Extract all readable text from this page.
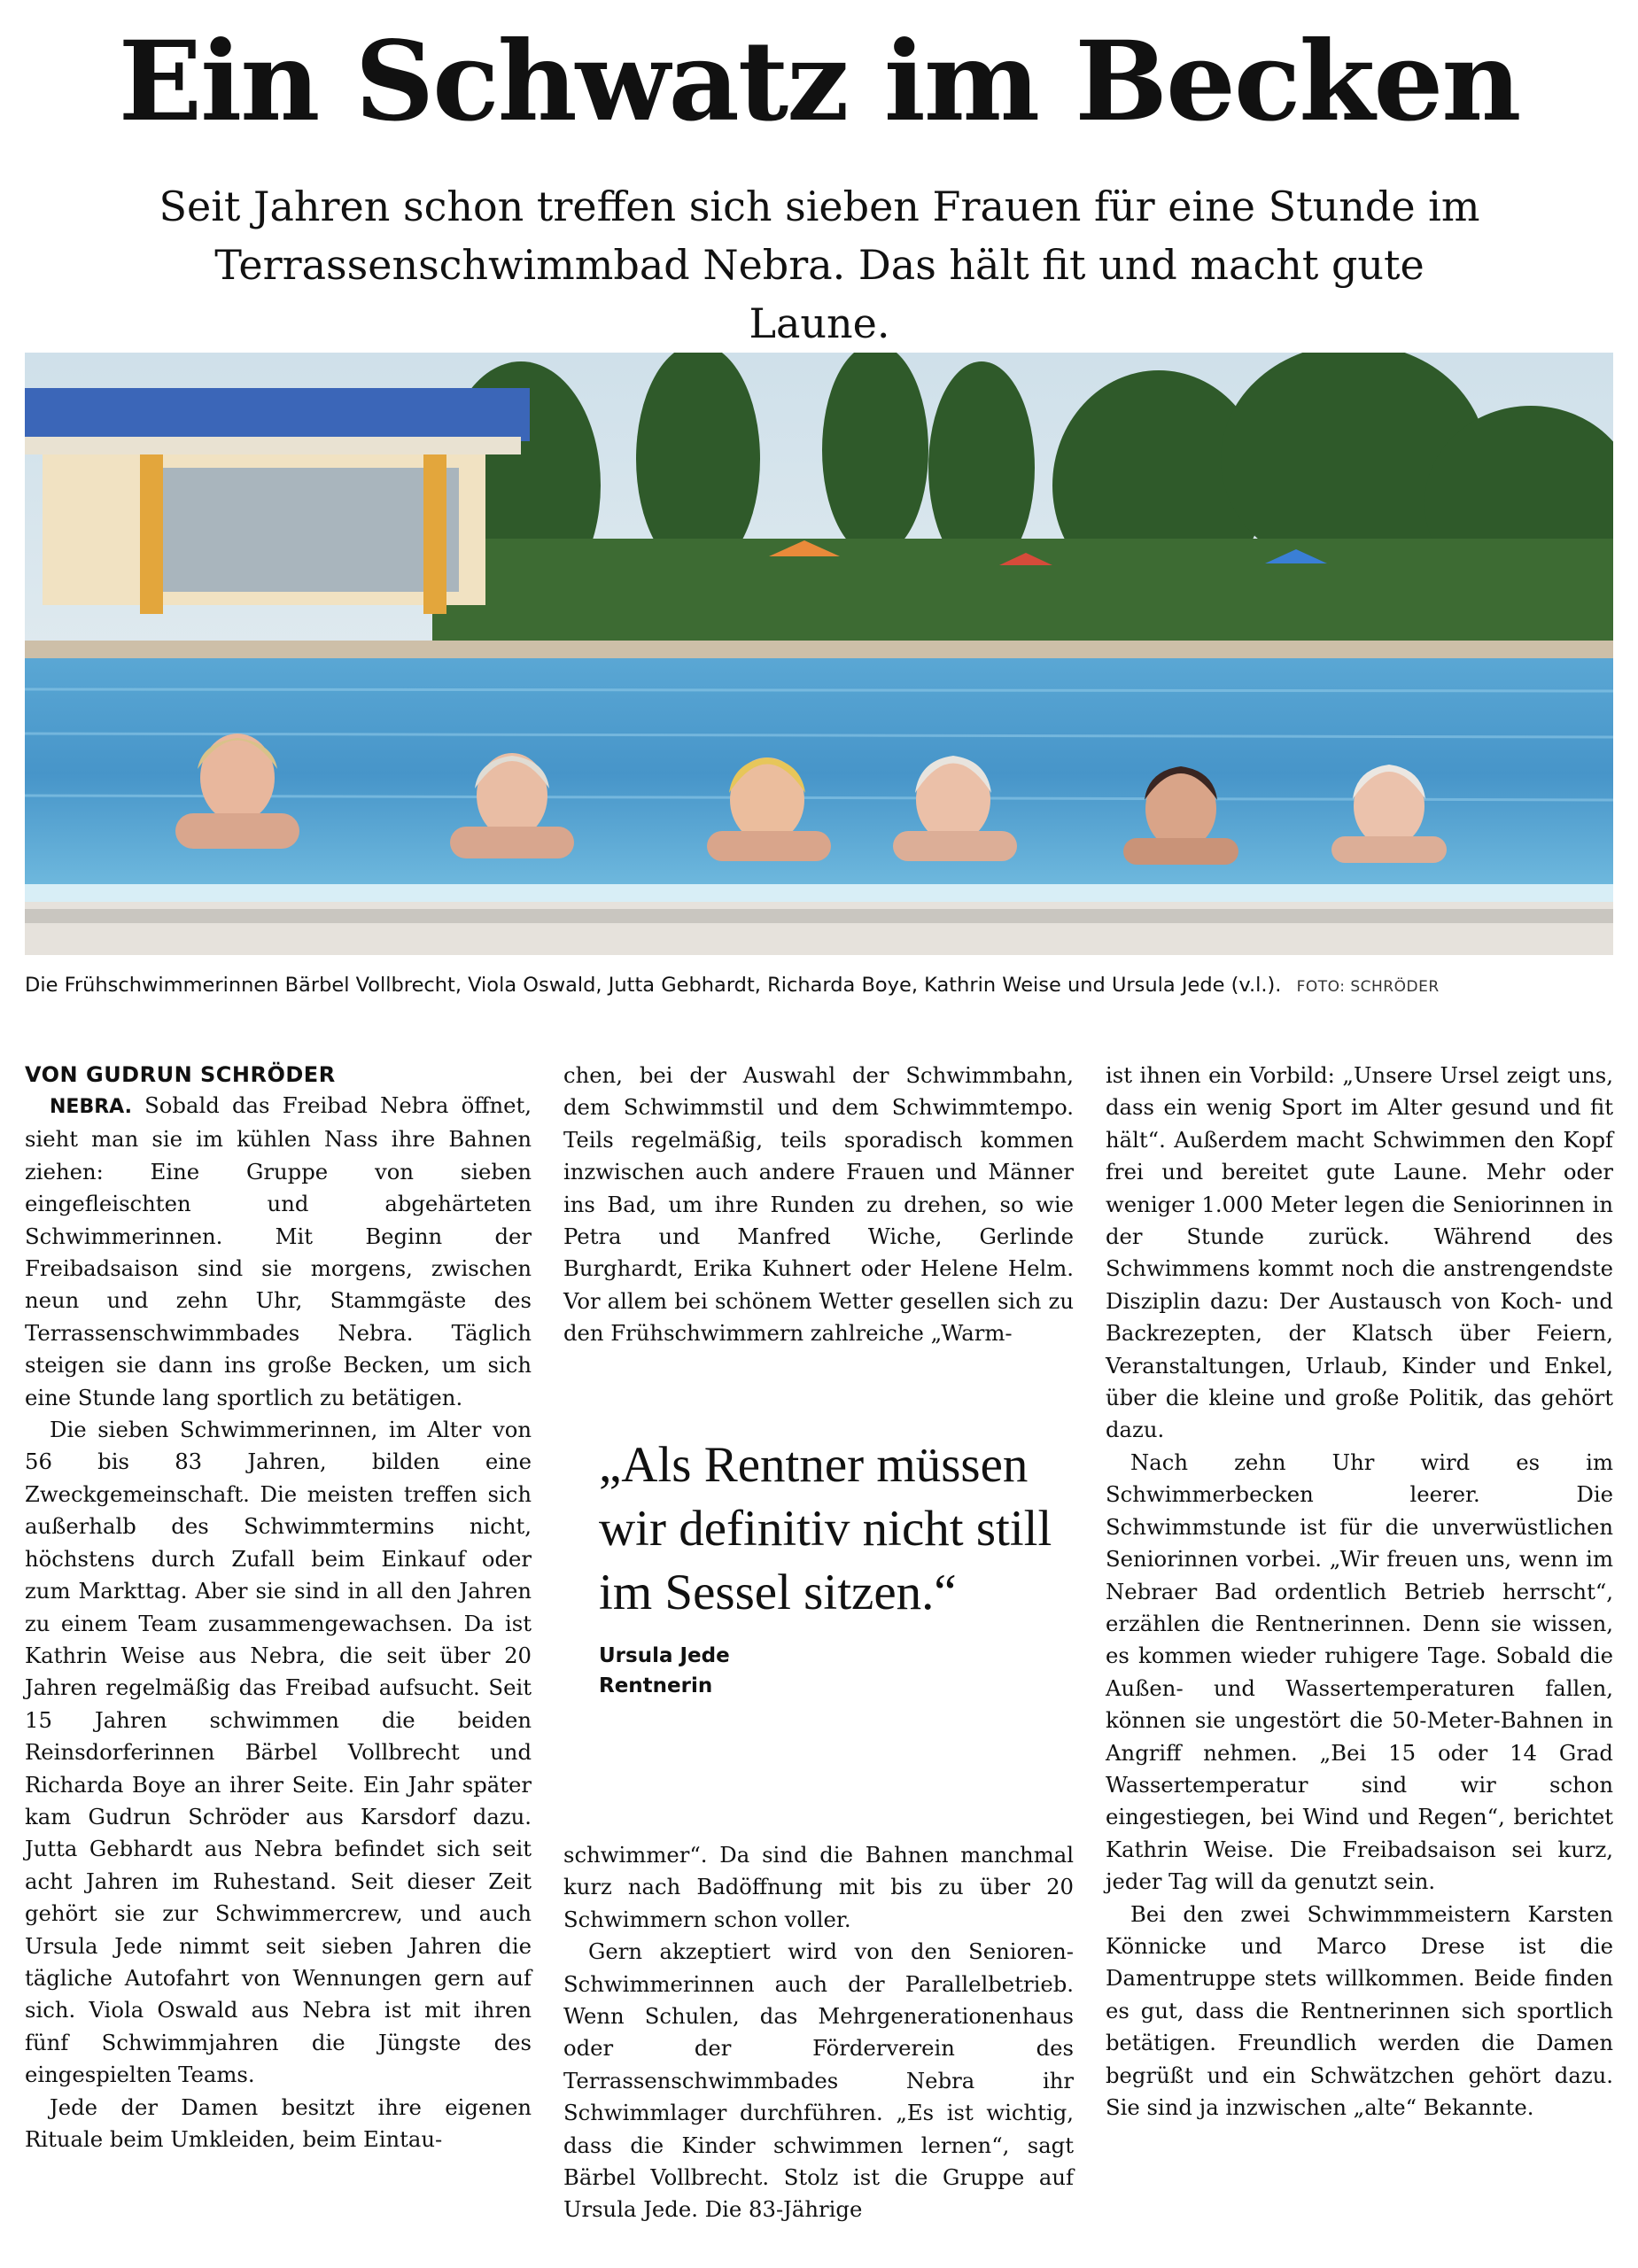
Ein Schwatz im Becken

Seit Jahren schon treffen sich sieben Frauen für eine Stunde im Terrassenschwimmbad Nebra. Das hält fit und macht gute Laune.

Die Frühschwimmerinnen Bärbel Vollbrecht, Viola Oswald, Jutta Gebhardt, Richarda Boye, Kathrin Weise und Ursula Jede (v.l.). FOTO: SCHRÖDER

VON GUDRUN SCHRÖDER

NEBRA. Sobald das Freibad Nebra öffnet, sieht man sie im kühlen Nass ihre Bahnen ziehen: Eine Gruppe von sieben eingefleischten und abgehärteten Schwimmerinnen. Mit Beginn der Freibadsaison sind sie morgens, zwischen neun und zehn Uhr, Stammgäste des Terrassenschwimmbades Nebra. Täglich steigen sie dann ins große Becken, um sich eine Stunde lang sportlich zu betätigen.

Die sieben Schwimmerinnen, im Alter von 56 bis 83 Jahren, bilden eine Zweckgemeinschaft. Die meisten treffen sich außerhalb des Schwimmtermins nicht, höchstens durch Zufall beim Einkauf oder zum Markttag. Aber sie sind in all den Jahren zu einem Team zusammengewachsen. Da ist Kathrin Weise aus Nebra, die seit über 20 Jahren regelmäßig das Freibad aufsucht. Seit 15 Jahren schwimmen die beiden Reinsdorferinnen Bärbel Vollbrecht und Richarda Boye an ihrer Seite. Ein Jahr später kam Gudrun Schröder aus Karsdorf dazu. Jutta Gebhardt aus Nebra befindet sich seit acht Jahren im Ruhestand. Seit dieser Zeit gehört sie zur Schwimmercrew, und auch Ursula Jede nimmt seit sieben Jahren die tägliche Autofahrt von Wennungen gern auf sich. Viola Oswald aus Nebra ist mit ihren fünf Schwimmjahren die Jüngste des eingespielten Teams.

Jede der Damen besitzt ihre eigenen Rituale beim Umkleiden, beim Eintau-

chen, bei der Auswahl der Schwimmbahn, dem Schwimmstil und dem Schwimmtempo. Teils regelmäßig, teils sporadisch kommen inzwischen auch andere Frauen und Männer ins Bad, um ihre Runden zu drehen, so wie Petra und Manfred Wiche, Gerlinde Burghardt, Erika Kuhnert oder Helene Helm. Vor allem bei schönem Wetter gesellen sich zu den Frühschwimmern zahlreiche „Warm-

„Als Rentner müssen wir definitiv nicht still im Sessel sitzen.“

Ursula Jede
Rentnerin

schwimmer“. Da sind die Bahnen manchmal kurz nach Badöffnung mit bis zu über 20 Schwimmern schon voller.

Gern akzeptiert wird von den Senioren-Schwimmerinnen auch der Parallelbetrieb. Wenn Schulen, das Mehrgenerationenhaus oder der Förderverein des Terrassenschwimmbades Nebra ihr Schwimmlager durchführen. „Es ist wichtig, dass die Kinder schwimmen lernen“, sagt Bärbel Vollbrecht. Stolz ist die Gruppe auf Ursula Jede. Die 83-Jährige

ist ihnen ein Vorbild: „Unsere Ursel zeigt uns, dass ein wenig Sport im Alter gesund und fit hält“. Außerdem macht Schwimmen den Kopf frei und bereitet gute Laune. Mehr oder weniger 1.000 Meter legen die Seniorinnen in der Stunde zurück. Während des Schwimmens kommt noch die anstrengendste Disziplin dazu: Der Austausch von Koch- und Backrezepten, der Klatsch über Feiern, Veranstaltungen, Urlaub, Kinder und Enkel, über die kleine und große Politik, das gehört dazu.

Nach zehn Uhr wird es im Schwimmerbecken leerer. Die Schwimmstunde ist für die unverwüstlichen Seniorinnen vorbei. „Wir freuen uns, wenn im Nebraer Bad ordentlich Betrieb herrscht“, erzählen die Rentnerinnen. Denn sie wissen, es kommen wieder ruhigere Tage. Sobald die Außen- und Wassertemperaturen fallen, können sie ungestört die 50-Meter-Bahnen in Angriff nehmen. „Bei 15 oder 14 Grad Wassertemperatur sind wir schon eingestiegen, bei Wind und Regen“, berichtet Kathrin Weise. Die Freibadsaison sei kurz, jeder Tag will da genutzt sein.

Bei den zwei Schwimmmeistern Karsten Könnicke und Marco Drese ist die Damentruppe stets willkommen. Beide finden es gut, dass die Rentnerinnen sich sportlich betätigen. Freundlich werden die Damen begrüßt und ein Schwätzchen gehört dazu. Sie sind ja inzwischen „alte“ Bekannte.
